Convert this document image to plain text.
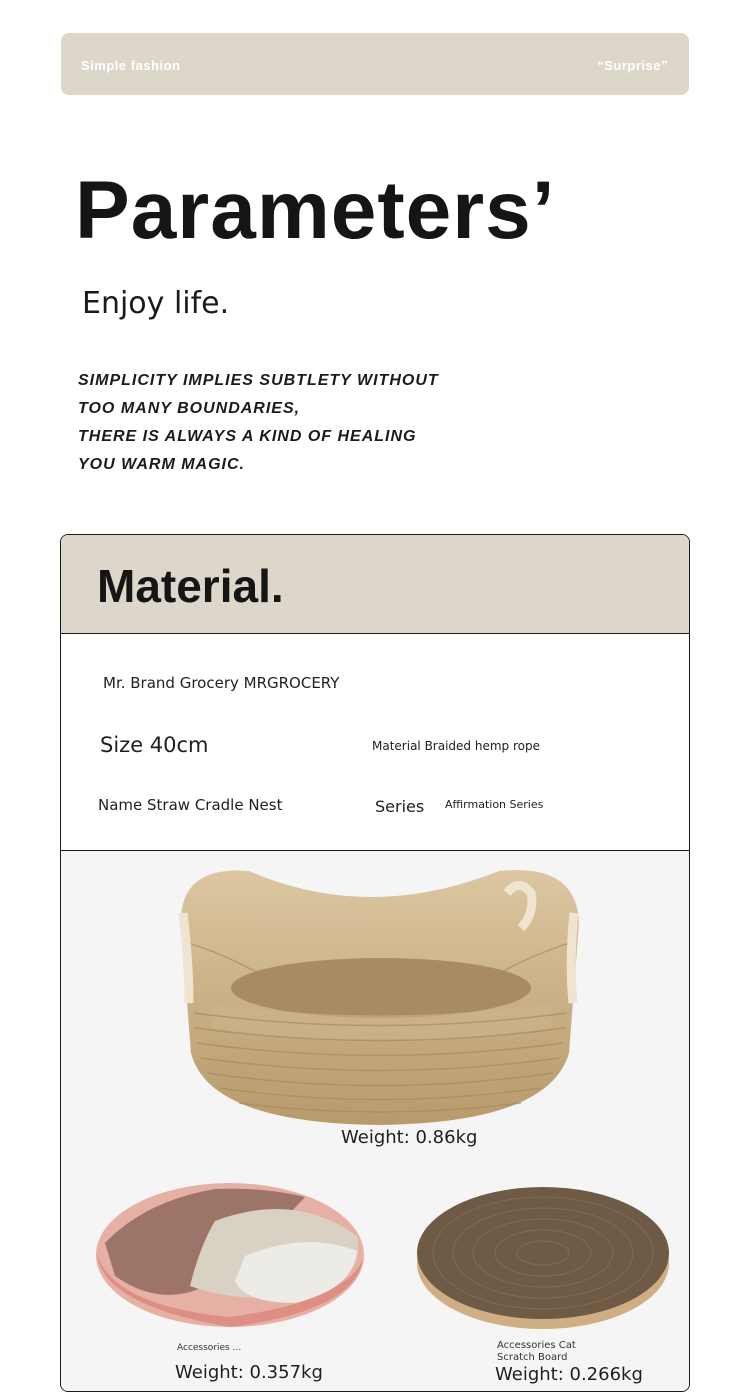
Simple fashion	“Surprise”
Parameters’
Enjoy life.
SIMPLICITY IMPLIES SUBTLETY WITHOUT
TOO MANY BOUNDARIES,
THERE IS ALWAYS A KIND OF HEALING
YOU WARM MAGIC.
Material.
Mr. Brand Grocery MRGROCERY
Size 40cm	Material Braided hemp rope
Name Straw Cradle Nest	Series Affirmation Series
Weight: 0.86kg
Accessories ...
Weight: 0.357kg
Accessories Cat Scratch Board
Weight: 0.266kg
